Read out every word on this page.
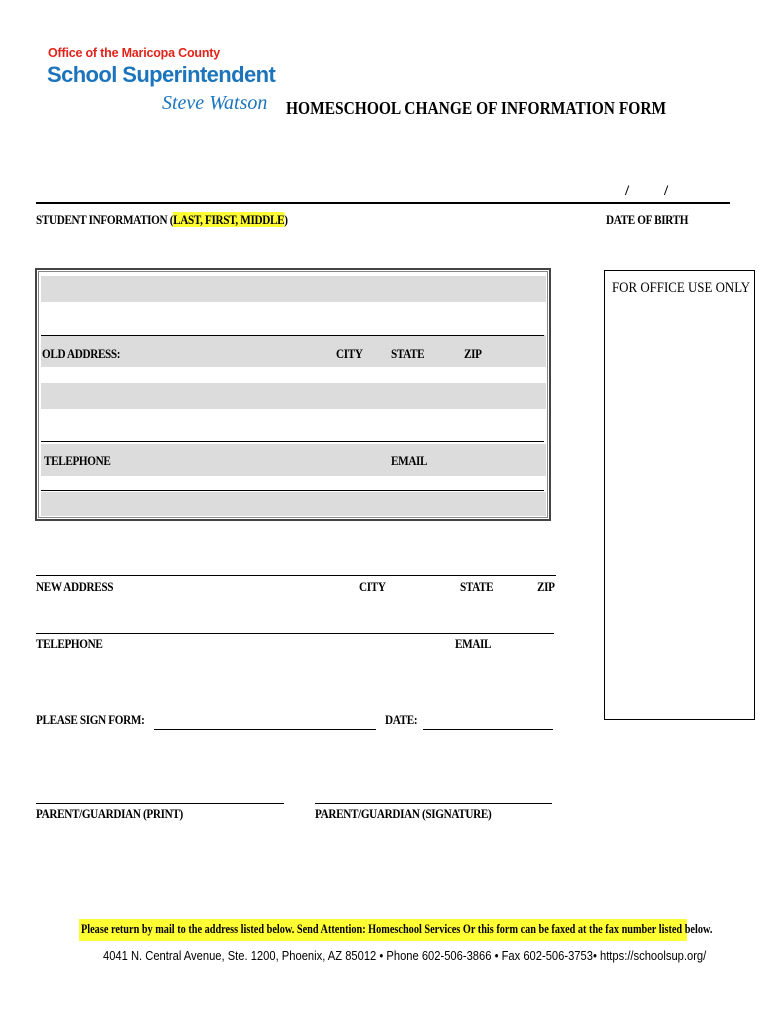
Office of the Maricopa County
School Superintendent
Steve Watson HOMESCHOOL CHANGE OF INFORMATION FORM
/ /
STUDENT INFORMATION (LAST, FIRST, MIDDLE)	DATE OF BIRTH
OLD ADDRESS:	CITY STATE	ZIP
TELEPHONE	EMAIL
FOR OFFICE USE ONLY
NEW ADDRESS	CITY	STATE	ZIP
TELEPHONE	EMAIL
PLEASE SIGN FORM:	DATE:
PARENT/GUARDIAN (PRINT)	PARENT/GUARDIAN (SIGNATURE)
Please return by mail to the address listed below. Send Attention: Homeschool Services Or this form can be faxed at the fax number listed below.
4041 N. Central Avenue, Ste. 1200, Phoenix, AZ 85012 • Phone 602-506-3866 • Fax 602-506-3753• https://schoolsup.org/
